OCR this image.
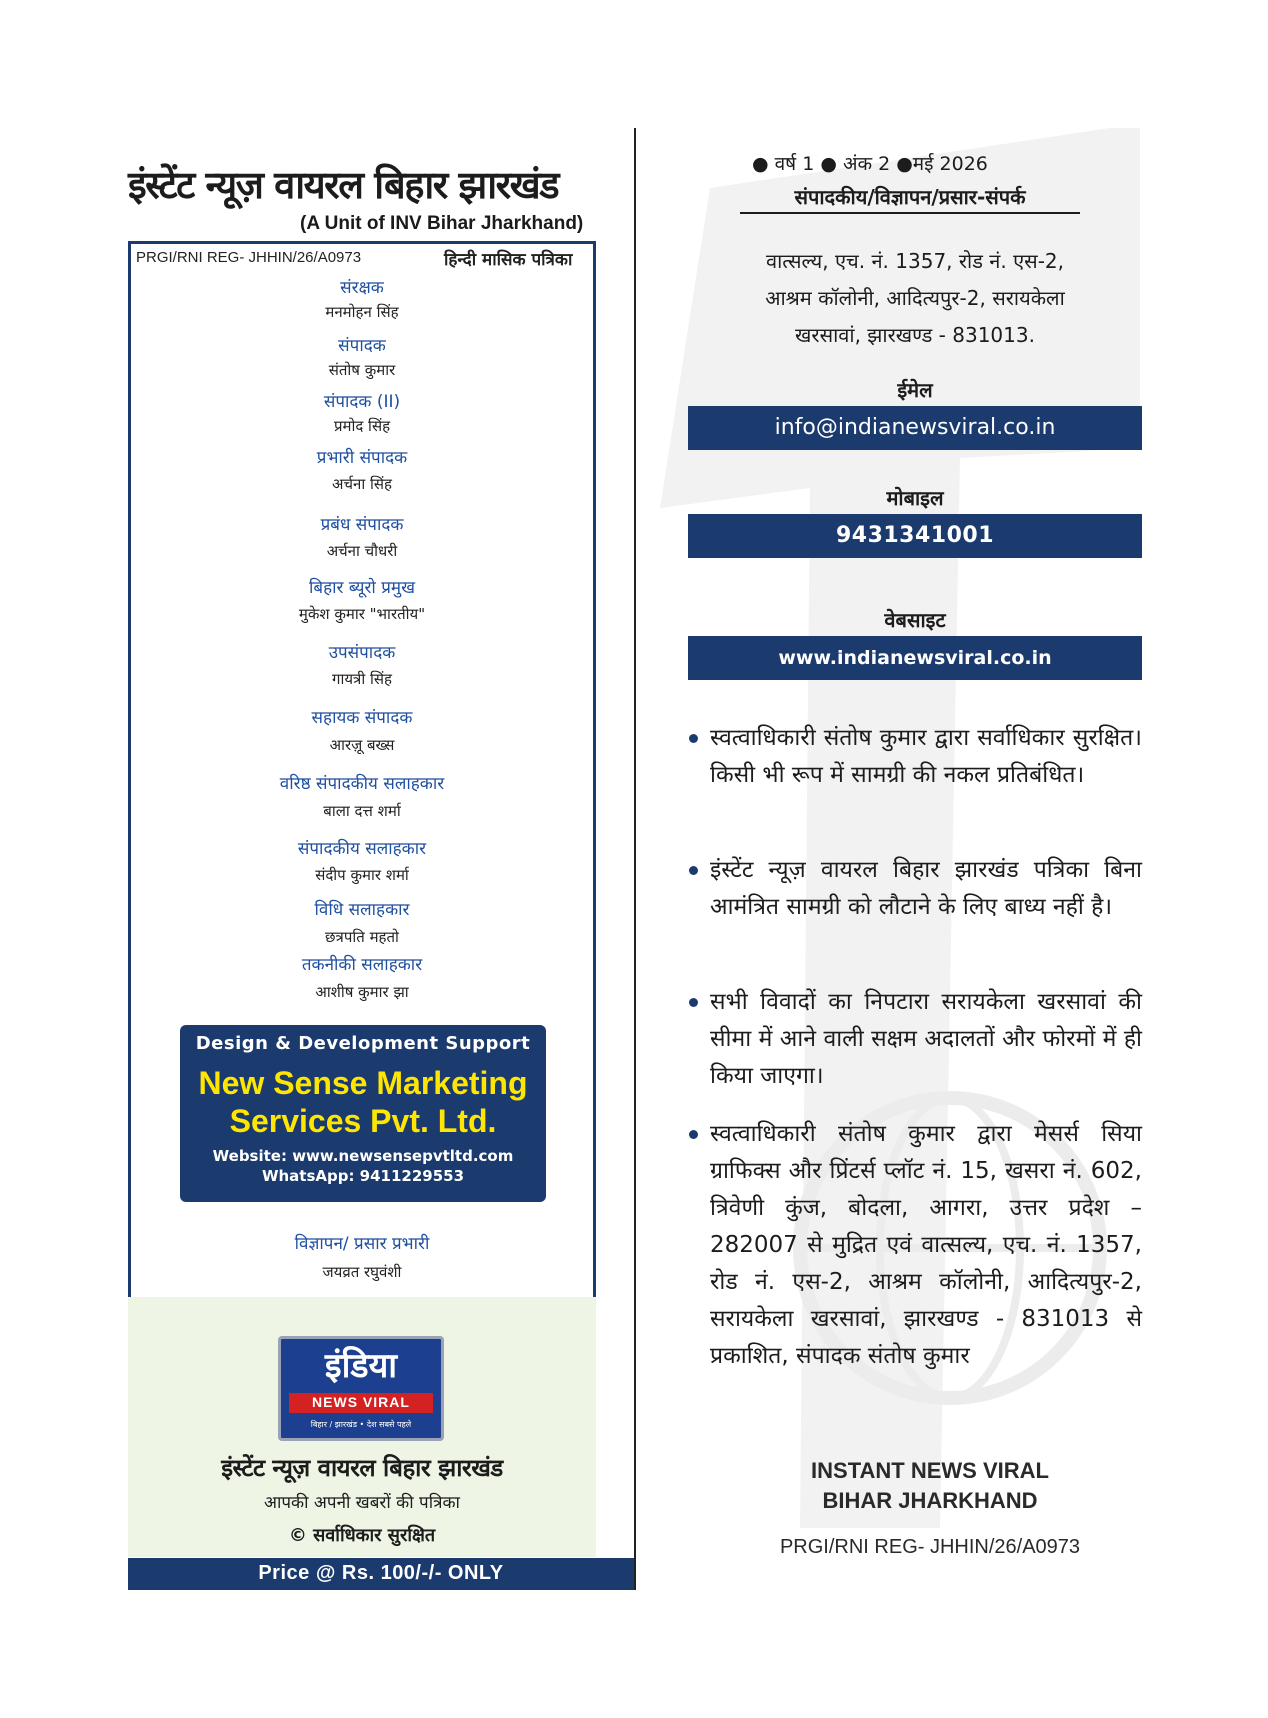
इंस्टेंट न्यूज़ वायरल बिहार झारखंड
(A Unit of INV Bihar Jharkhand)
PRGI/RNI REG- JHHIN/26/A0973	हिन्दी मासिक पत्रिका
संरक्षक
मनमोहन सिंह
संपादक
संतोष कुमार
संपादक (II)
प्रमोद सिंह
प्रभारी संपादक
अर्चना सिंह
प्रबंध संपादक
अर्चना चौधरी
बिहार ब्यूरो प्रमुख
मुकेश कुमार "भारतीय"
उपसंपादक
गायत्री सिंह
सहायक संपादक
आरज़ू बख्स
वरिष्ठ संपादकीय सलाहकार
बाला दत्त शर्मा
संपादकीय सलाहकार
संदीप कुमार शर्मा
विधि सलाहकार
छत्रपति महतो
तकनीकी सलाहकार
आशीष कुमार झा
Design & Development Support
New Sense Marketing
Services Pvt. Ltd.
Website: www.newsensepvtltd.com
WhatsApp: 9411229553
विज्ञापन/ प्रसार प्रभारी
जयव्रत रघुवंशी
इंडिया
NEWS VIRAL
बिहार / झारखंड • देश सबसे पहले
इंस्टेंट न्यूज़ वायरल बिहार झारखंड
आपकी अपनी खबरों की पत्रिका
© सर्वाधिकार सुरक्षित
Price @ Rs. 100/-/- ONLY
● वर्ष 1 ● अंक 2 ●मई 2026
संपादकीय/विज्ञापन/प्रसार-संपर्क
वात्सल्य, एच. नं. 1357, रोड नं. एस-2,
आश्रम कॉलोनी, आदित्यपुर-2, सरायकेला
खरसावां, झारखण्ड - 831013.
ईमेल
info@indianewsviral.co.in
मोबाइल
9431341001
वेबसाइट
www.indianewsviral.co.in
स्वत्वाधिकारी संतोष कुमार द्वारा सर्वाधिकार सुरक्षित। किसी भी रूप में सामग्री की नकल प्रतिबंधित।
इंस्टेंट न्यूज़ वायरल बिहार झारखंड पत्रिका बिना आमंत्रित सामग्री को लौटाने के लिए बाध्य नहीं है।
सभी विवादों का निपटारा सरायकेला खरसावां की सीमा में आने वाली सक्षम अदालतों और फोरमों में ही किया जाएगा।
स्वत्वाधिकारी संतोष कुमार द्वारा मेसर्स सिया ग्राफिक्स और प्रिंटर्स प्लॉट नं. 15, खसरा नं. 602, त्रिवेणी कुंज, बोदला, आगरा, उत्तर प्रदेश – 282007 से मुद्रित एवं वात्सल्य, एच. नं. 1357, रोड नं. एस-2, आश्रम कॉलोनी, आदित्यपुर-2, सरायकेला खरसावां, झारखण्ड - 831013 से प्रकाशित, संपादक संतोष कुमार
INSTANT NEWS VIRAL
BIHAR JHARKHAND
PRGI/RNI REG- JHHIN/26/A0973
